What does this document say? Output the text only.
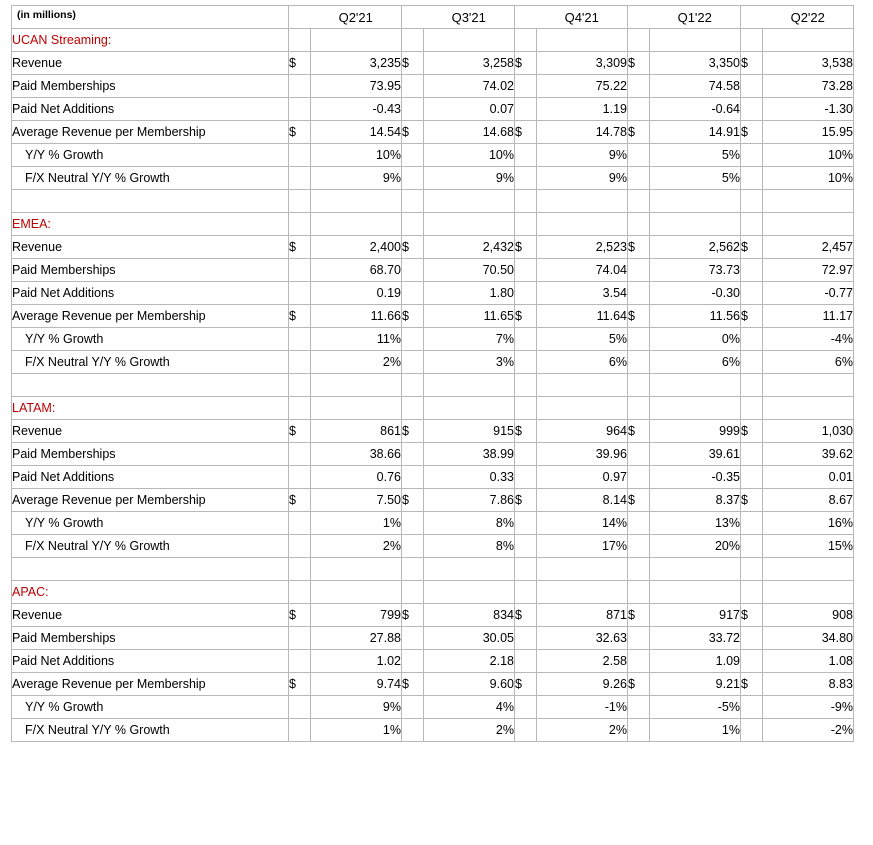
(in millions)		Q2'21		Q3'21		Q4'21		Q1'22		Q2'22
UCAN Streaming:										
Revenue	$	3,235	$	3,258	$	3,309	$	3,350	$	3,538
Paid Memberships		73.95		74.02		75.22		74.58		73.28
Paid Net Additions		-0.43		0.07		1.19		-0.64		-1.30
Average Revenue per Membership	$	14.54	$	14.68	$	14.78	$	14.91	$	15.95
Y/Y % Growth		10%		10%		9%		5%		10%
F/X Neutral Y/Y % Growth		9%		9%		9%		5%		10%

EMEA:										
Revenue	$	2,400	$	2,432	$	2,523	$	2,562	$	2,457
Paid Memberships		68.70		70.50		74.04		73.73		72.97
Paid Net Additions		0.19		1.80		3.54		-0.30		-0.77
Average Revenue per Membership	$	11.66	$	11.65	$	11.64	$	11.56	$	11.17
Y/Y % Growth		11%		7%		5%		0%		-4%
F/X Neutral Y/Y % Growth		2%		3%		6%		6%		6%

LATAM:										
Revenue	$	861	$	915	$	964	$	999	$	1,030
Paid Memberships		38.66		38.99		39.96		39.61		39.62
Paid Net Additions		0.76		0.33		0.97		-0.35		0.01
Average Revenue per Membership	$	7.50	$	7.86	$	8.14	$	8.37	$	8.67
Y/Y % Growth		1%		8%		14%		13%		16%
F/X Neutral Y/Y % Growth		2%		8%		17%		20%		15%

APAC:										
Revenue	$	799	$	834	$	871	$	917	$	908
Paid Memberships		27.88		30.05		32.63		33.72		34.80
Paid Net Additions		1.02		2.18		2.58		1.09		1.08
Average Revenue per Membership	$	9.74	$	9.60	$	9.26	$	9.21	$	8.83
Y/Y % Growth		9%		4%		-1%		-5%		-9%
F/X Neutral Y/Y % Growth		1%		2%		2%		1%		-2%
